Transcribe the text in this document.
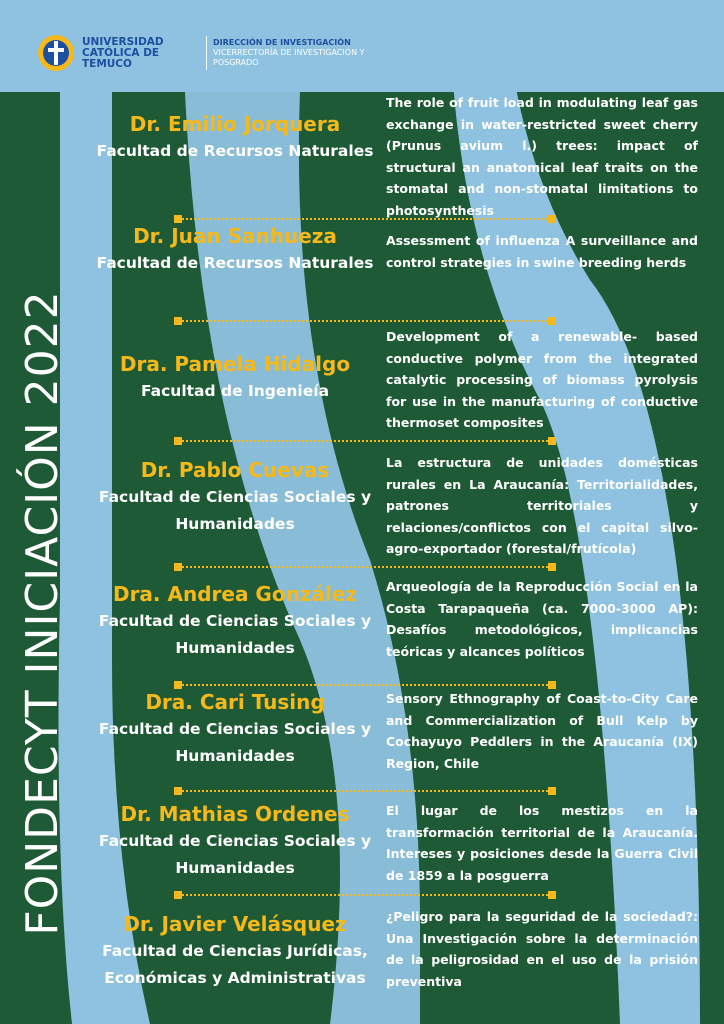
UNIVERSIDAD CATÓLICA DE TEMUCO
DIRECCIÓN DE INVESTIGACIÓN
VICERRECTORÍA DE INVESTIGACIÓN Y POSGRADO
FONDECYT INICIACIÓN 2022
Dr. Emilio Jorquera
Facultad de Recursos Naturales
The role of fruit load in modulating leaf gas exchange in water-restricted sweet cherry (Prunus avium l.) trees: impact of structural an anatomical leaf traits on the stomatal and non-stomatal limitations to photosynthesis
Dr. Juan Sanhueza
Facultad de Recursos Naturales
Assessment of influenza A surveillance and control strategies in swine breeding herds
Dra. Pamela Hidalgo
Facultad de Ingenieía
Development of a renewable- based conductive polymer from the integrated catalytic processing of biomass pyrolysis for use in the manufacturing of conductive thermoset composites
Dr. Pablo Cuevas
Facultad de Ciencias Sociales y Humanidades
La estructura de unidades domésticas rurales en La Araucanía: Territorialidades, patrones territoriales y relaciones/conflictos con el capital silvo-agro-exportador (forestal/frutícola)
Dra. Andrea González
Facultad de Ciencias Sociales y Humanidades
Arqueología de la Reproducción Social en la Costa Tarapaqueña (ca. 7000-3000 AP): Desafíos metodológicos, implicancias teóricas y alcances políticos
Dra. Cari Tusing
Facultad de Ciencias Sociales y Humanidades
Sensory Ethnography of Coast-to-City Care and Commercialization of Bull Kelp by Cochayuyo Peddlers in the Araucanía (IX) Region, Chile
Dr. Mathias Ordenes
Facultad de Ciencias Sociales y Humanidades
El lugar de los mestizos en la transformación territorial de la Araucanía. Intereses y posiciones desde la Guerra Civil de 1859 a la posguerra
Dr. Javier Velásquez
Facultad de Ciencias Jurídicas, Económicas y Administrativas
¿Peligro para la seguridad de la sociedad?: Una Investigación sobre la determinación de la peligrosidad en el uso de la prisión preventiva
